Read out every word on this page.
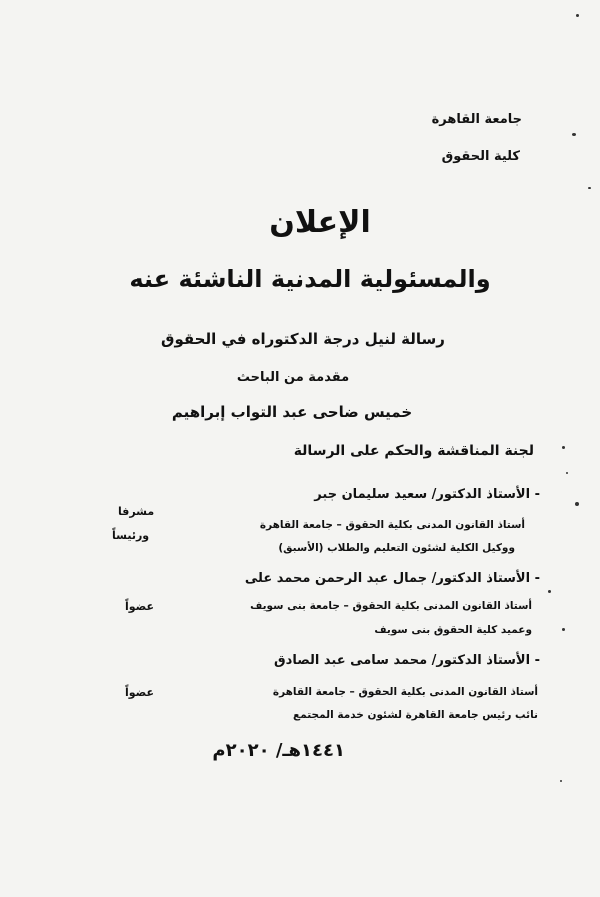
جامعة القاهرة
كلية الحقوق
الإعلان
والمسئولية المدنية الناشئة عنه
رسالة لنيل درجة الدكتوراه في الحقوق
مقدمة من الباحث
خميس ضاحى عبد التواب إبراهيم
لجنة المناقشة والحكم على الرسالة
- الأستاذ الدكتور/ سعيد سليمان جبر
أستاذ القانون المدنى بكلية الحقوق – جامعة القاهرة
ووكيل الكلية لشئون التعليم والطلاب (الأسبق)
مشرفا
ورئيساً
- الأستاذ الدكتور/ جمال عبد الرحمن محمد على
أستاذ القانون المدنى بكلية الحقوق – جامعة بنى سويف
وعميد كلية الحقوق بنى سويف
عضواً
- الأستاذ الدكتور/ محمد سامى عبد الصادق
أستاذ القانون المدنى بكلية الحقوق – جامعة القاهرة
نائب رئيس جامعة القاهرة لشئون خدمة المجتمع
عضواً
١٤٤١هـ/ ٢٠٢٠م
